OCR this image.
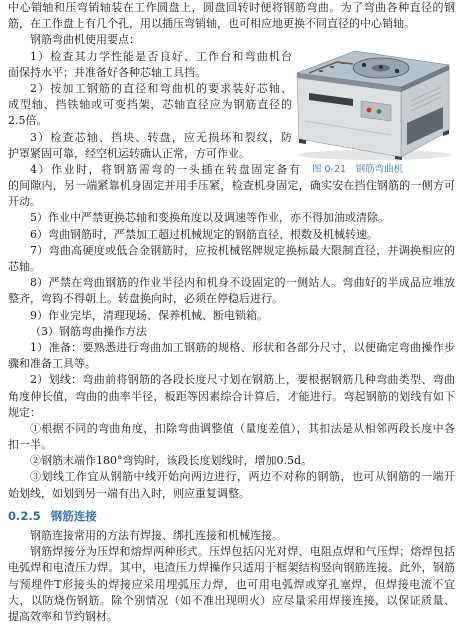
中心销轴和压弯销轴装在工作圆盘上，圆盘回转时便将钢筋弯曲。为了弯曲各种直径的钢
筋，在工作盘上有几个孔，用以插压弯销轴，也可相应地更换不同直径的中心销轴。
钢筋弯曲机使用要点：
1）检查其力学性能是否良好、工作台和弯曲机台
面保持水平；并准备好各种芯轴工具挡。
2）按加工钢筋的直径和弯曲机的要求装好芯轴、
成型轴、挡铁轴或可变挡架，芯轴直径应为钢筋直径的
2.5倍。
3）检查芯轴、挡块、转盘，应无损坏和裂纹，防
护罩紧固可靠，经空机运转确认正常，方可作业。
4）作业时，将钢筋需弯的一头插在转盘固定备有
的间隙内，另一端紧靠机身固定并用手压紧，检查机身固定，确实安在挡住钢筋的一侧方可
开动。
5）作业中严禁更换芯轴和变换角度以及调速等作业，亦不得加油或清除。
6）弯曲钢筋时，严禁加工超过机械规定的钢筋直径、根数及机械转速。
7）弯曲高硬度或低合金钢筋时，应按机械铭牌规定换标最大限制直径，并调换相应的
芯轴。
8）严禁在弯曲钢筋的作业半径内和机身不设固定的一侧站人。弯曲好的半成品应堆放
整齐，弯钩不得朝上。转盘换向时，必须在停稳后进行。
9）作业完毕，清理现场、保养机械、断电锁箱。
（3）钢筋弯曲操作方法
1）准备：要熟悉进行弯曲加工钢筋的规格、形状和各部分尺寸，以便确定弯曲操作步
骤和准备工具等。
2）划线：弯曲前将钢筋的各段长度尺寸划在钢筋上，要根据钢筋几种弯曲类型、弯曲
角度伸长值，弯曲的曲率半径，板距等因素综合计算后，才能进行。弯起钢筋的划线有如下
规定：
①根据不同的弯曲角度，扣除弯曲调整值（量度差值），其扣法是从相邻两段长度中各
扣一半。
②钢筋末端作180°弯钩时，该段长度划线时，增加0.5d。
③划线工作宜从钢筋中线开始向两边进行，两边不对称的钢筋，也可从钢筋的一端开
始划线，如划到另一端有出入时，则应重复调整。
0.2.5 钢筋连接
钢筋连接常用的方法有焊接、绑扎连接和机械连接。
钢筋焊接分为压焊和熔焊两种形式。压焊包括闪光对焊、电阻点焊和气压焊；熔焊包括
电弧焊和电渣压力焊。其中，电渣压力焊操作只适用于框架结构竖向钢筋连接。此外，钢筋
与预埋件T形接头的焊接应采用埋弧压力焊，也可用电弧焊或穿孔塞焊，但焊接电流不宜
大，以防烧伤钢筋。除个别情况（如不准出现明火）应尽量采用焊接连接，以保证质量、
提高效率和节约钢材。
图 0-21　钢筋弯曲机
